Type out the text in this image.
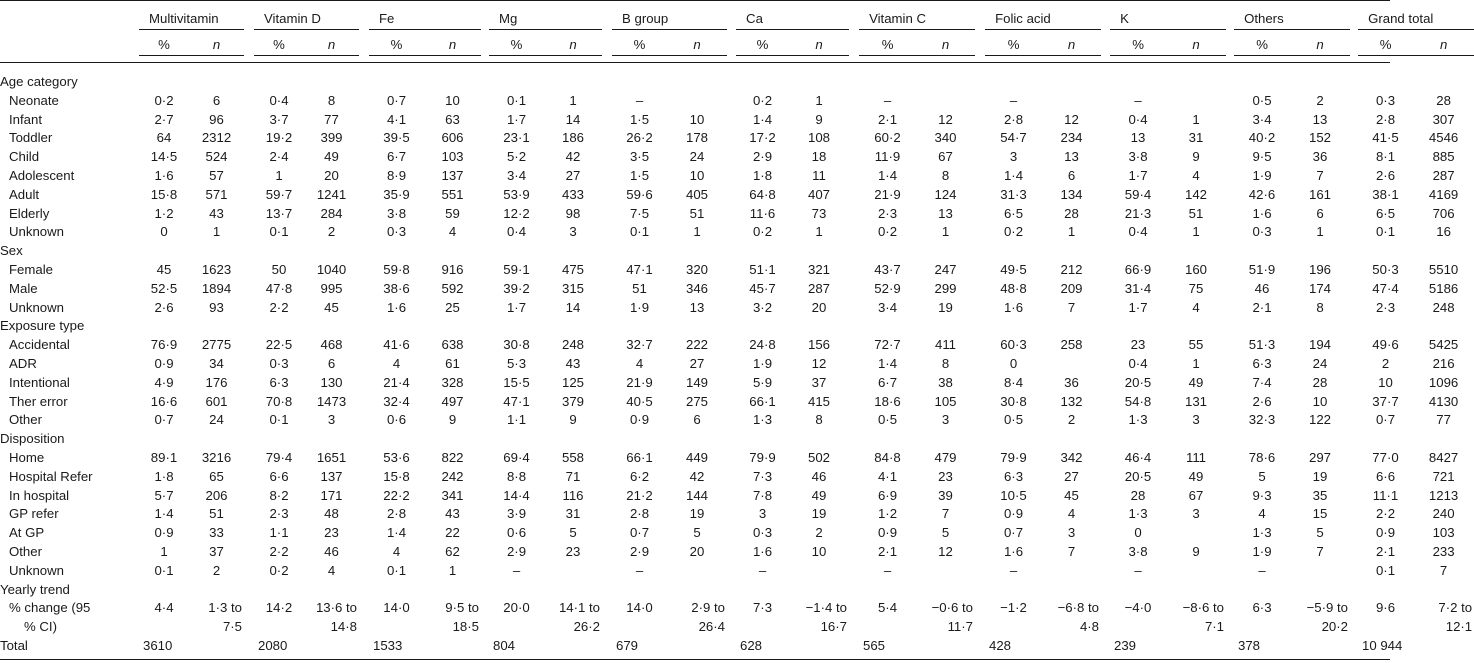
		Multivitamin			Vitamin D			Fe			Mg			B group			Ca			Vitamin C			Folic acid			K			Others			Grand total	
		%	n		%	n		%	n		%	n		%	n		%	n		%	n		%	n		%	n		%	n		%	n
Age category																																	
Neonate		0·2	6		0·4	8		0·7	10		0·1	1		–			0·2	1		–			–			–			0·5	2		0·3	28
Infant		2·7	96		3·7	77		4·1	63		1·7	14		1·5	10		1·4	9		2·1	12		2·8	12		0·4	1		3·4	13		2·8	307
Toddler		64	2312		19·2	399		39·5	606		23·1	186		26·2	178		17·2	108		60·2	340		54·7	234		13	31		40·2	152		41·5	4546
Child		14·5	524		2·4	49		6·7	103		5·2	42		3·5	24		2·9	18		11·9	67		3	13		3·8	9		9·5	36		8·1	885
Adolescent		1·6	57		1	20		8·9	137		3·4	27		1·5	10		1·8	11		1·4	8		1·4	6		1·7	4		1·9	7		2·6	287
Adult		15·8	571		59·7	1241		35·9	551		53·9	433		59·6	405		64·8	407		21·9	124		31·3	134		59·4	142		42·6	161		38·1	4169
Elderly		1·2	43		13·7	284		3·8	59		12·2	98		7·5	51		11·6	73		2·3	13		6·5	28		21·3	51		1·6	6		6·5	706
Unknown		0	1		0·1	2		0·3	4		0·4	3		0·1	1		0·2	1		0·2	1		0·2	1		0·4	1		0·3	1		0·1	16
Sex																																	
Female		45	1623		50	1040		59·8	916		59·1	475		47·1	320		51·1	321		43·7	247		49·5	212		66·9	160		51·9	196		50·3	5510
Male		52·5	1894		47·8	995		38·6	592		39·2	315		51	346		45·7	287		52·9	299		48·8	209		31·4	75		46	174		47·4	5186
Unknown		2·6	93		2·2	45		1·6	25		1·7	14		1·9	13		3·2	20		3·4	19		1·6	7		1·7	4		2·1	8		2·3	248
Exposure type																																	
Accidental		76·9	2775		22·5	468		41·6	638		30·8	248		32·7	222		24·8	156		72·7	411		60·3	258		23	55		51·3	194		49·6	5425
ADR		0·9	34		0·3	6		4	61		5·3	43		4	27		1·9	12		1·4	8		0			0·4	1		6·3	24		2	216
Intentional		4·9	176		6·3	130		21·4	328		15·5	125		21·9	149		5·9	37		6·7	38		8·4	36		20·5	49		7·4	28		10	1096
Ther error		16·6	601		70·8	1473		32·4	497		47·1	379		40·5	275		66·1	415		18·6	105		30·8	132		54·8	131		2·6	10		37·7	4130
Other		0·7	24		0·1	3		0·6	9		1·1	9		0·9	6		1·3	8		0·5	3		0·5	2		1·3	3		32·3	122		0·7	77
Disposition																																	
Home		89·1	3216		79·4	1651		53·6	822		69·4	558		66·1	449		79·9	502		84·8	479		79·9	342		46·4	111		78·6	297		77·0	8427
Hospital Refer		1·8	65		6·6	137		15·8	242		8·8	71		6·2	42		7·3	46		4·1	23		6·3	27		20·5	49		5	19		6·6	721
In hospital		5·7	206		8·2	171		22·2	341		14·4	116		21·2	144		7·8	49		6·9	39		10·5	45		28	67		9·3	35		11·1	1213
GP refer		1·4	51		2·3	48		2·8	43		3·9	31		2·8	19		3	19		1·2	7		0·9	4		1·3	3		4	15		2·2	240
At GP		0·9	33		1·1	23		1·4	22		0·6	5		0·7	5		0·3	2		0·9	5		0·7	3		0			1·3	5		0·9	103
Other		1	37		2·2	46		4	62		2·9	23		2·9	20		1·6	10		2·1	12		1·6	7		3·8	9		1·9	7		2·1	233
Unknown		0·1	2		0·2	4		0·1	1		–			–			–			–			–			–			–			0·1	7
Yearly trend																																	
% change (95		4·4	1·3 to		14·2	13·6 to		14·0	9·5 to		20·0	14·1 to		14·0	2·9 to		7·3	−1·4 to		5·4	−0·6 to		−1·2	−6·8 to		−4·0	−8·6 to		6·3	−5·9 to		9·6	7·2 to
% CI)			7·5			14·8			18·5			26·2			26·4			16·7			11·7			4·8			7·1			20·2			12·1
Total		3610			2080			1533			804			679			628			565			428			239			378			10 944	
